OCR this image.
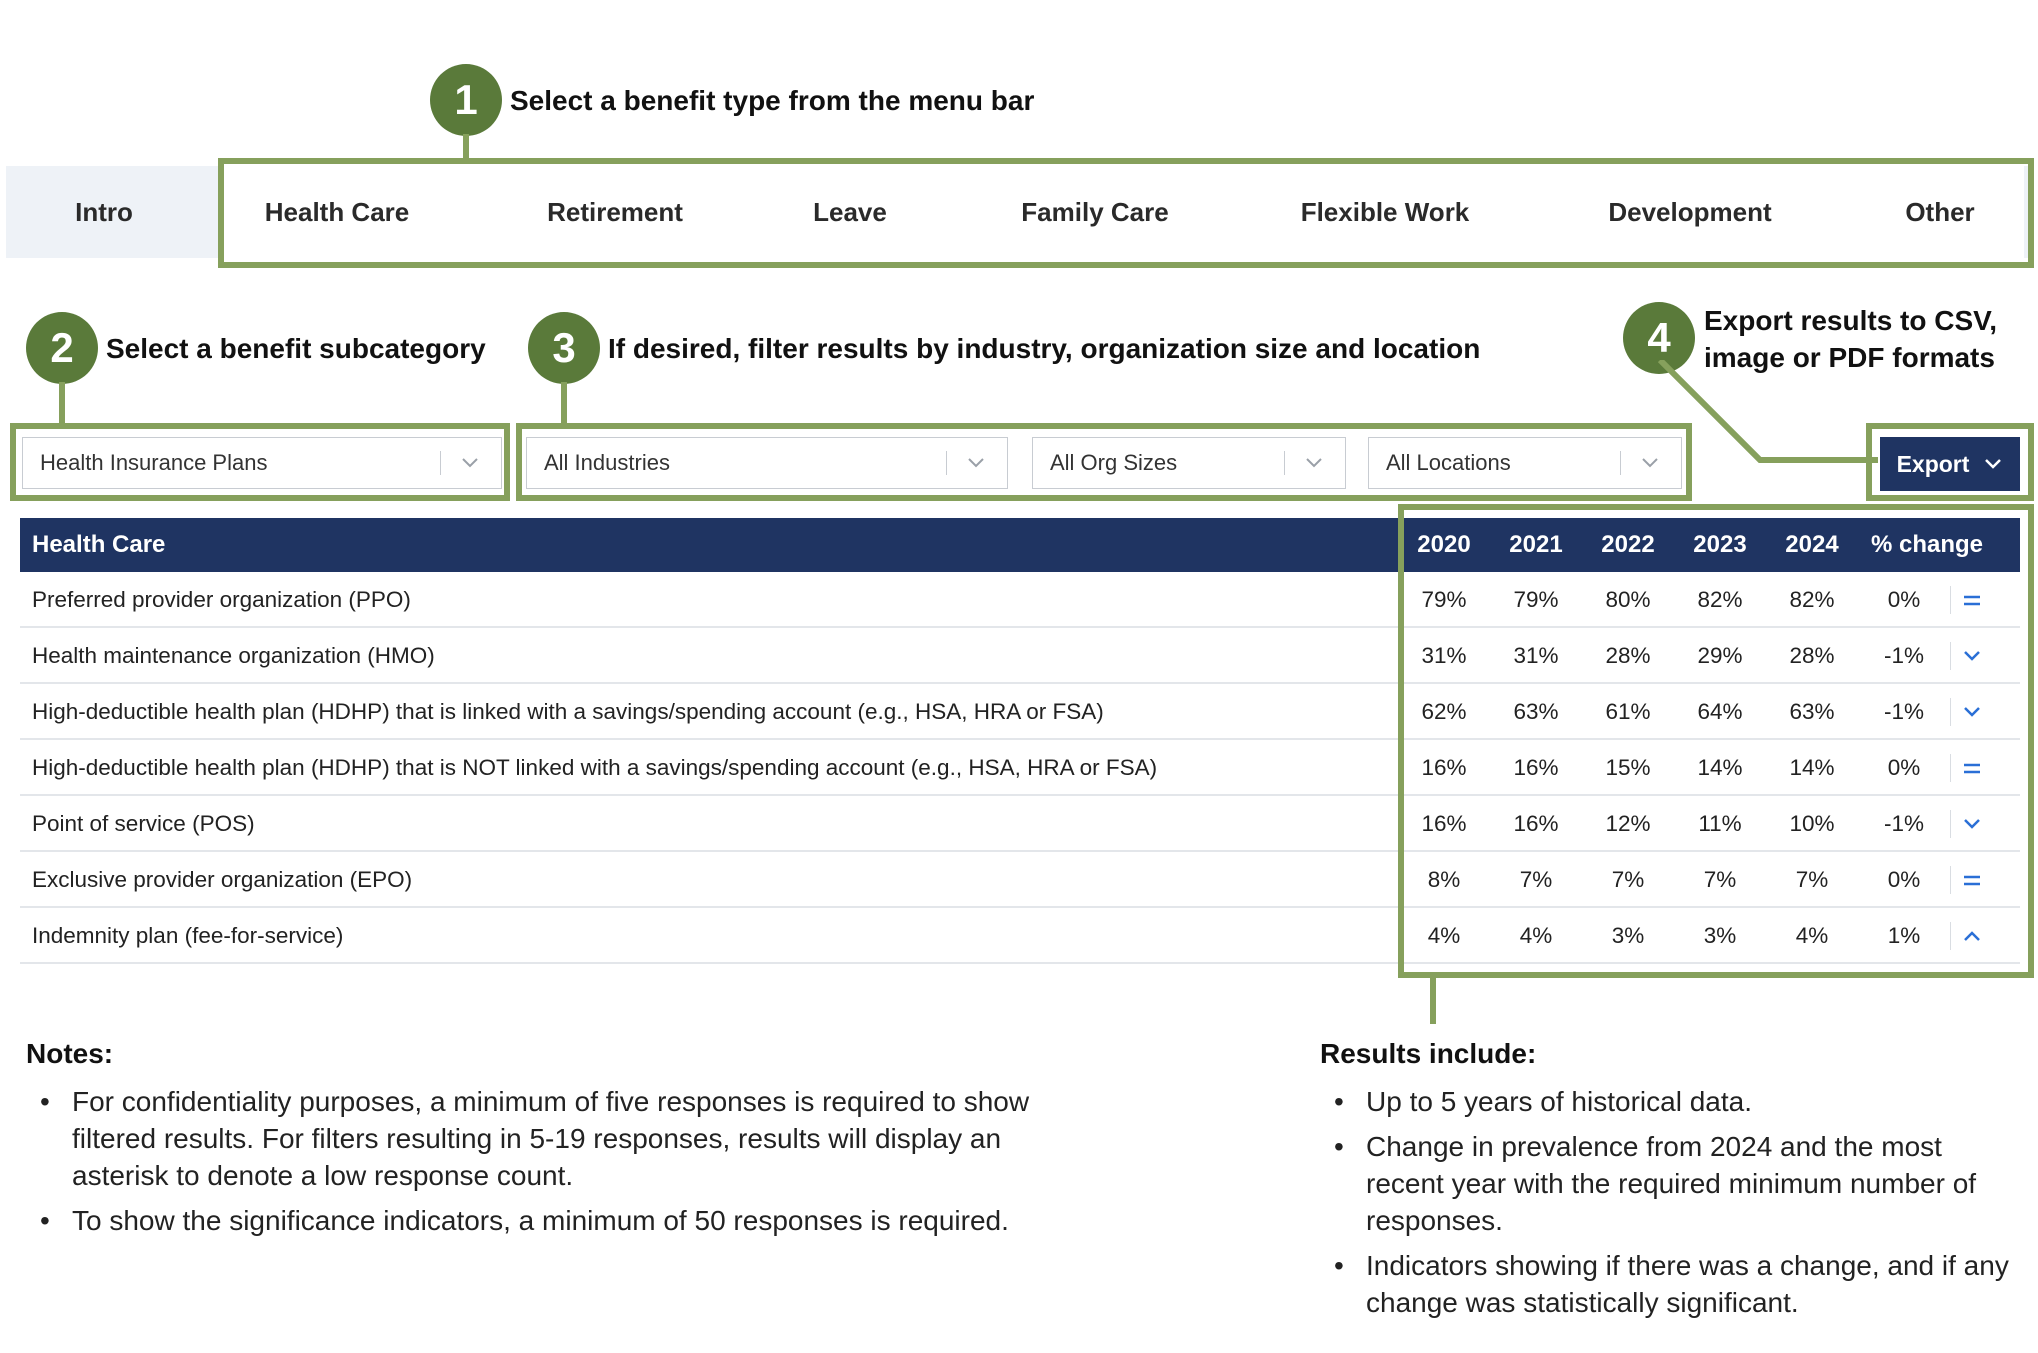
1	Select a benefit type from the menu bar
Intro	Health Care	Retirement	Leave	Family Care	Flexible Work	Development	Other
2	Select a benefit subcategory	3	If desired, filter results by industry, organization size and location	4	Export results to CSV,
image or PDF formats
Health Insurance Plans	All Industries	All Org Sizes	All Locations	Export
Health Care	2020	2021	2022	2023	2024	% change
Preferred provider organization (PPO)	79%	79%	80%	82%	82%	0%
Health maintenance organization (HMO)	31%	31%	28%	29%	28%	-1%
High-deductible health plan (HDHP) that is linked with a savings/spending account (e.g., HSA, HRA or FSA)	62%	63%	61%	64%	63%	-1%
High-deductible health plan (HDHP) that is NOT linked with a savings/spending account (e.g., HSA, HRA or FSA)	16%	16%	15%	14%	14%	0%
Point of service (POS)	16%	16%	12%	11%	10%	-1%
Exclusive provider organization (EPO)	8%	7%	7%	7%	7%	0%
Indemnity plan (fee-for-service)	4%	4%	3%	3%	4%	1%
Notes:
• For confidentiality purposes, a minimum of five responses is required to show filtered results. For filters resulting in 5-19 responses, results will display an asterisk to denote a low response count.
• To show the significance indicators, a minimum of 50 responses is required.
Results include:
• Up to 5 years of historical data.
• Change in prevalence from 2024 and the most recent year with the required minimum number of responses.
• Indicators showing if there was a change, and if any change was statistically significant.
